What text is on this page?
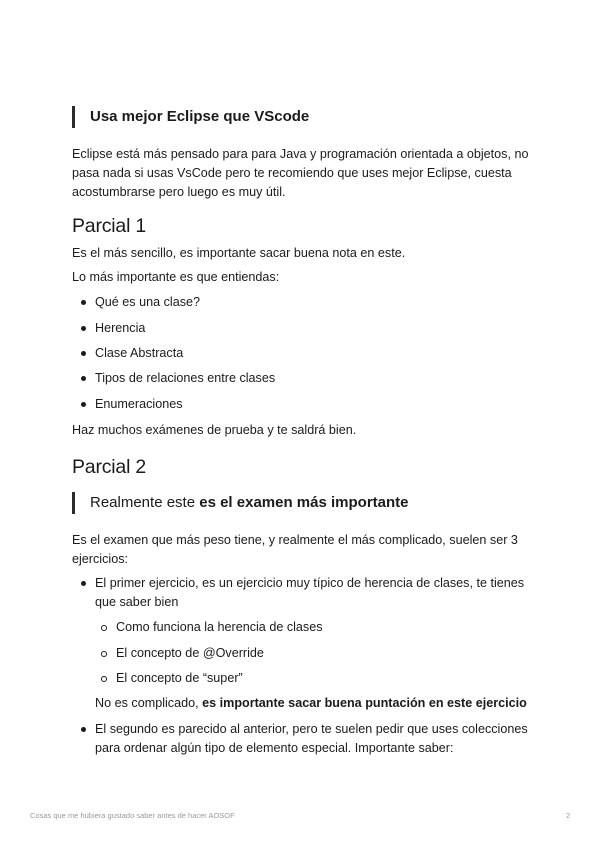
Usa mejor Eclipse que VScode
Eclipse está más pensado para para Java y programación orientada a objetos, no pasa nada si usas VsCode pero te recomiendo que uses mejor Eclipse, cuesta acostumbrarse pero luego es muy útil.
Parcial 1
Es el más sencillo, es importante sacar buena nota en este.
Lo más importante es que entiendas:
Qué es una clase?
Herencia
Clase Abstracta
Tipos de relaciones entre clases
Enumeraciones
Haz muchos exámenes de prueba y te saldrá bien.
Parcial 2
Realmente este es el examen más importante
Es el examen que más peso tiene, y realmente el más complicado, suelen ser 3 ejercicios:
El primer ejercicio, es un ejercicio muy típico de herencia de clases, te tienes que saber bien
Como funciona la herencia de clases
El concepto de @Override
El concepto de “super”
No es complicado, es importante sacar buena puntación en este ejercicio
El segundo es parecido al anterior, pero te suelen pedir que uses colecciones para ordenar algún tipo de elemento especial. Importante saber:
Cosas que me hubiera gustado saber antes de hacer AOSOF	2
